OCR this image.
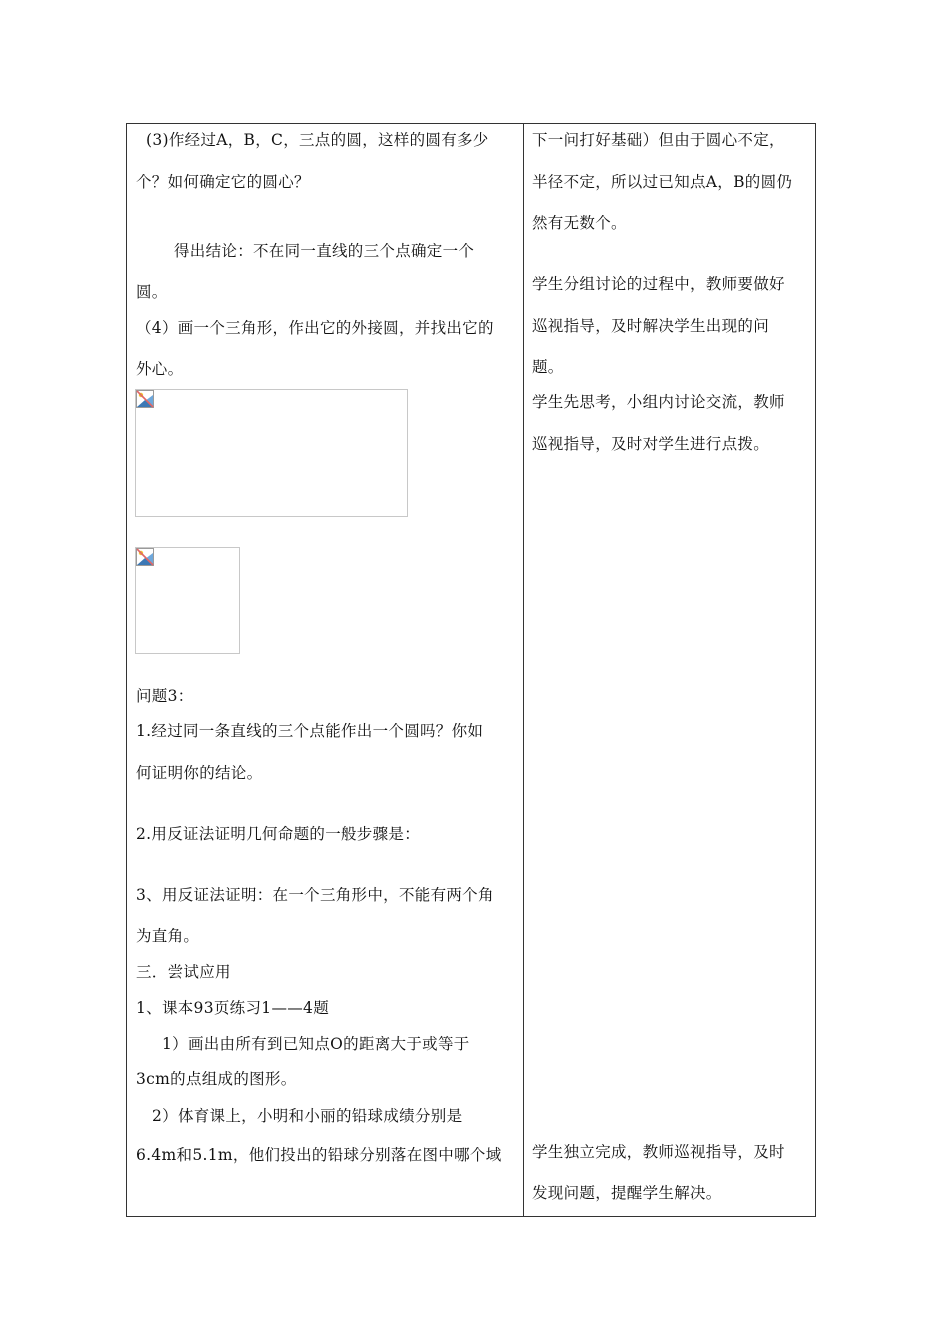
(3)作经过A，B，C，三点的圆，这样的圆有多少
个？如何确定它的圆心？
得出结论：不在同一直线的三个点确定一个
圆。
（4）画一个三角形，作出它的外接圆，并找出它的
外心。
问题3：
1.经过同一条直线的三个点能作出一个圆吗？你如
何证明你的结论。
2.用反证法证明几何命题的一般步骤是：
3、用反证法证明：在一个三角形中，不能有两个角
为直角。
三．尝试应用
1、课本93页练习1——4题
1）画出由所有到已知点O的距离大于或等于
3cm的点组成的图形。
2）体育课上，小明和小丽的铅球成绩分别是
6.4m和5.1m，他们投出的铅球分别落在图中哪个域
下一问打好基础）但由于圆心不定，
半径不定，所以过已知点A，B的圆仍
然有无数个。
学生分组讨论的过程中，教师要做好
巡视指导，及时解决学生出现的问
题。
学生先思考，小组内讨论交流，教师
巡视指导，及时对学生进行点拨。
学生独立完成，教师巡视指导，及时
发现问题，提醒学生解决。
